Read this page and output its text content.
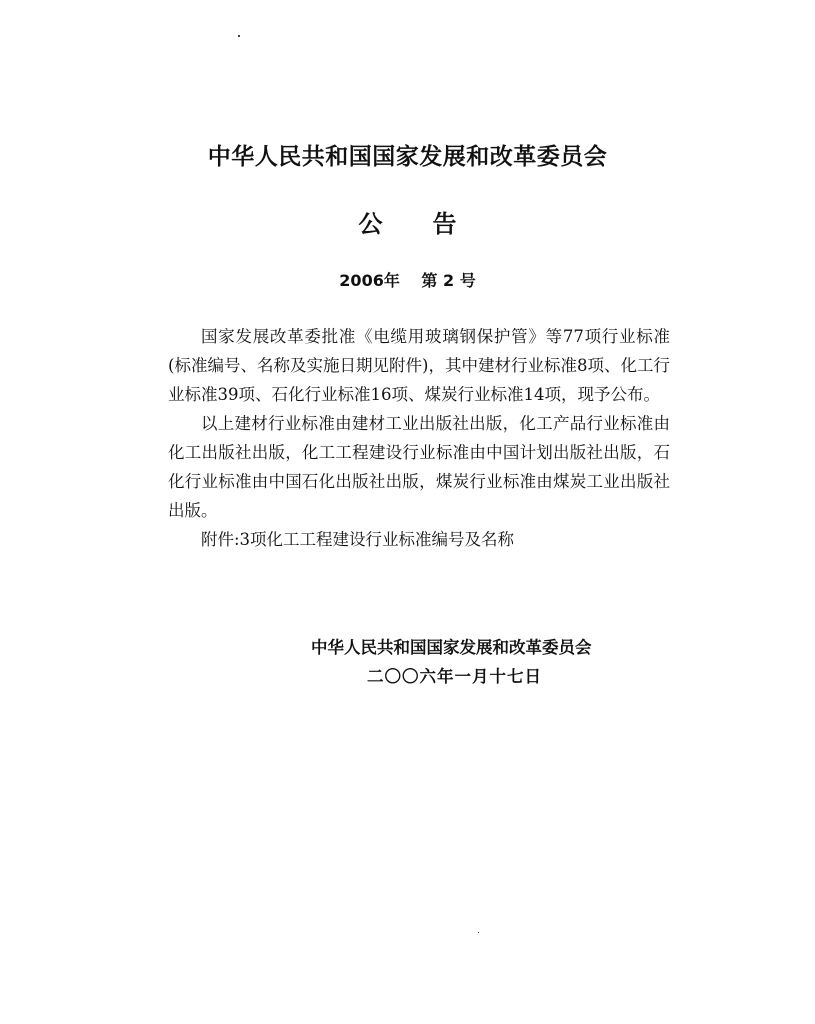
中华人民共和国国家发展和改革委员会
公告
2006年 第 2 号

国家发展改革委批准《电缆用玻璃钢保护管》等77项行业标准(标准编号、名称及实施日期见附件)，其中建材行业标准8项、化工行业标准39项、石化行业标准16项、煤炭行业标准14项，现予公布。

以上建材行业标准由建材工业出版社出版，化工产品行业标准由化工出版社出版，化工工程建设行业标准由中国计划出版社出版，石化行业标准由中国石化出版社出版，煤炭行业标准由煤炭工业出版社出版。

附件:3项化工工程建设行业标准编号及名称

中华人民共和国国家发展和改革委员会
二〇〇六年一月十七日
